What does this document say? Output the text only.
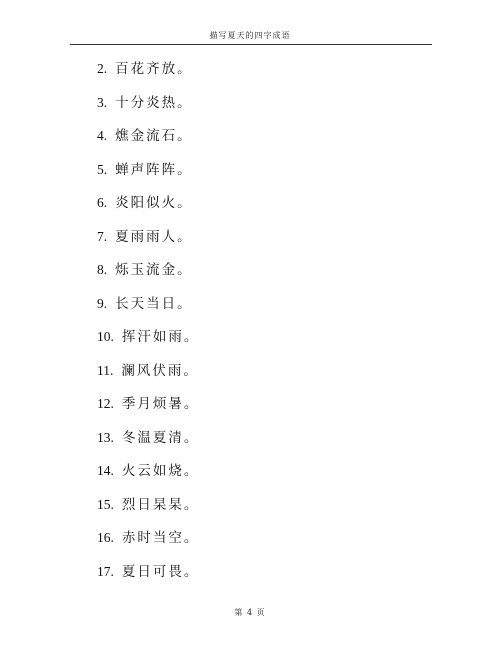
描写夏天的四字成语
2. 百花齐放。
3. 十分炎热。
4. 燋金流石。
5. 蝉声阵阵。
6. 炎阳似火。
7. 夏雨雨人。
8. 烁玉流金。
9. 长天当日。
10. 挥汗如雨。
11. 澜风伏雨。
12. 季月烦暑。
13. 冬温夏清。
14. 火云如烧。
15. 烈日杲杲。
16. 赤时当空。
17. 夏日可畏。
第 4 页
